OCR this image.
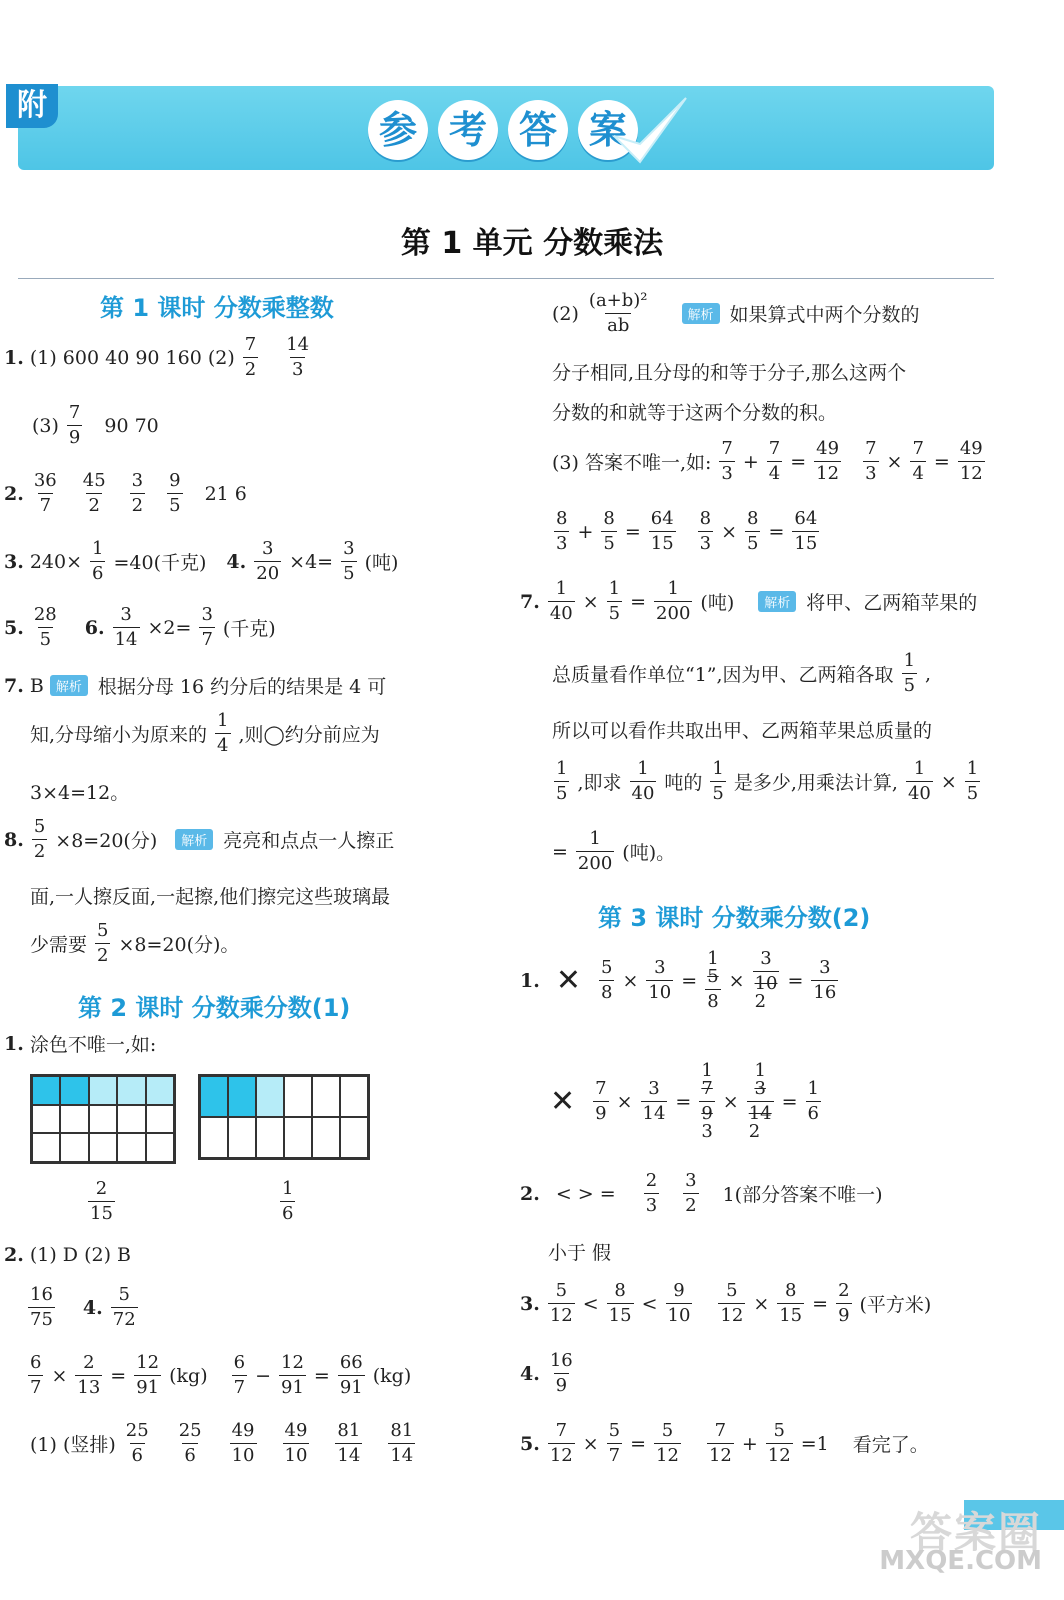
附
参 考 答 案
第 1 单元 分数乘法
第 1 课时 分数乘整数
1. (1) 600 40 90 160 $(2) \frac{7}{2} \frac{14}{3}$
$(3) \frac{7}{9} 90$ 70
2. $\frac{36}{7} \frac{45}{2} \frac{3}{2} \frac{9}{5} 21$ 6
3. $240\times \frac{1}{6} =40$(千克) 4. $\frac{3}{20} \times 4= \frac{3}{5}$ (吨)
5. $\frac{28}{5} 6$. $\frac{3}{14} \times 2= \frac{3}{7}$ (千克)
7. B 解析 根据分母 16 约分后的结果是 4 可
知,分母缩小为原来的 $\frac{1}{4}$ ,则◯约分前应为
3×4=12。
8. $\frac{5}{2} \times 8=20$(分)	解析 亮亮和点点一人擦正
面,一人擦反面,一起擦,他们擦完这些玻璃最
少需要 $\frac{5}{2} \times 8=20$(分)。
第 2 课时 分数乘分数(1)
1. 涂色不唯一,如:
$\frac{2}{15}$	$\frac{1}{6}$
2. (1) D (2) B
$\frac{16}{75} 4$. $\frac{5}{72}$
$\frac{6}{7} \times \frac{2}{13} = \frac{12}{91} (kg) \frac{6}{7} - \frac{12}{91} = \frac{66}{91} (kg)$
(1) (竖排) $\frac{25}{6} \frac{25}{6} \frac{49}{10} \frac{49}{10} \frac{81}{14} \frac{81}{14}$
$(2) \frac{\text{(a+b)²}}{ab}$	解析 如果算式中两个分数的
分子相同,且分母的和等于分子,那么这两个
分数的和就等于这两个分数的积。
(3) 答案不唯一,如: $\frac{7}{3} + \frac{7}{4} = \frac{49}{12} \frac{7}{3} \times \frac{7}{4} = \frac{49}{12}$
$\frac{8}{3} + \frac{8}{5} = \frac{64}{15} \frac{8}{3} \times \frac{8}{5} = \frac{64}{15}$
7. $\frac{1}{40} \times \frac{1}{5} = \frac{1}{200}$ (吨)	解析 将甲、乙两箱苹果的
总质量看作单位“1”,因为甲、乙两箱各取 $\frac{1}{5}$ ,
所以可以看作共取出甲、乙两箱苹果总质量的
$\frac{1}{5}$ ,即求 $\frac{1}{40}$ 吨的 $\frac{1}{5}$ 是多少,用乘法计算, $\frac{1}{40} \times \frac{1}{5}$
= $\frac{1}{200}$ (吨)。
第 3 课时 分数乘分数(2)
1. ✕ $\frac{5}{8} \times \frac{3}{10}$ =
1
5
8
×
3
10
2
= $\frac{3}{16}$
✕ $\frac{7}{9} \times \frac{3}{14}$ =
1
7
9
3
×
1
3
14
2
= $\frac{1}{6}$
2. < > = $\frac{2}{3} \frac{3}{2} 1$(部分答案不唯一)
小于 假
3. $\frac{5}{12} < \frac{8}{15} < \frac{9}{10} \frac{5}{12} \times \frac{8}{15} = \frac{2}{9}$ (平方米)
4. $\frac{16}{9}$
5. $\frac{7}{12} \times \frac{5}{7} = \frac{5}{12} \frac{7}{12} + \frac{5}{12} =1$ 看完了。
答案圈
MXQE.COM
